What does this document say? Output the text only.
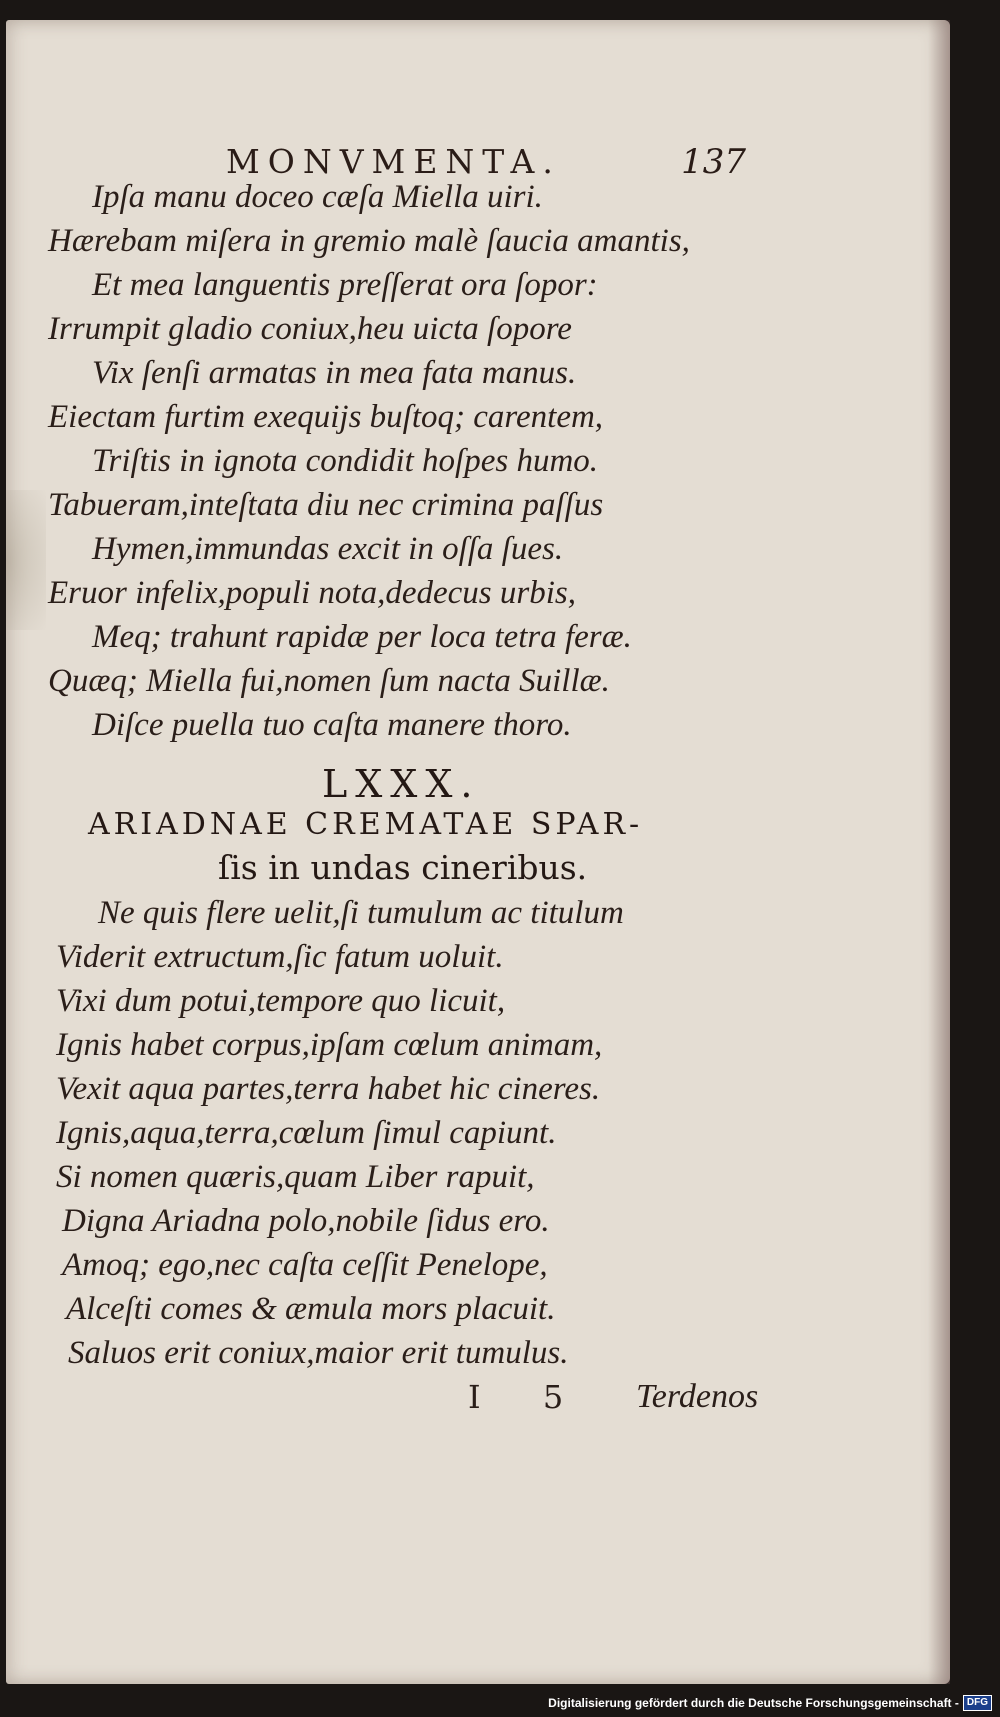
MONVMENTA.	137
Ipſa manu doceo cæſa Miella uiri.
Hærebam miſera in gremio malè ſaucia amantis,
Et mea languentis preſſerat ora ſopor:
Irrumpit gladio coniux,heu uicta ſopore
Vix ſenſi armatas in mea fata manus.
Eiectam furtim exequijs buſtoq; carentem,
Triſtis in ignota condidit hoſpes humo.
Tabueram,inteſtata diu nec crimina paſſus
Hymen,immundas excit in oſſa ſues.
Eruor infelix,populi nota,dedecus urbis,
Meq; trahunt rapidæ per loca tetra feræ.
Quæq; Miella fui,nomen ſum nacta Suillæ.
Diſce puella tuo caſta manere thoro.
LXXX.
ARIADNAE CREMATAE SPAR-
ſis in undas cineribus.
Ne quis flere uelit,ſi tumulum ac titulum
Viderit extructum,ſic fatum uoluit.
Vixi dum potui,tempore quo licuit,
Ignis habet corpus,ipſam cœlum animam,
Vexit aqua partes,terra habet hic cineres.
Ignis,aqua,terra,cœlum ſimul capiunt.
Si nomen quæris,quam Liber rapuit,
Digna Ariadna polo,nobile ſidus ero.
Amoq; ego,nec caſta ceſſit Penelope,
Alceſti comes & æmula mors placuit.
Saluos erit coniux,maior erit tumulus.
I 5 Terdenos
Digitalisierung gefördert durch die Deutsche Forschungsgemeinschaft - DFG
